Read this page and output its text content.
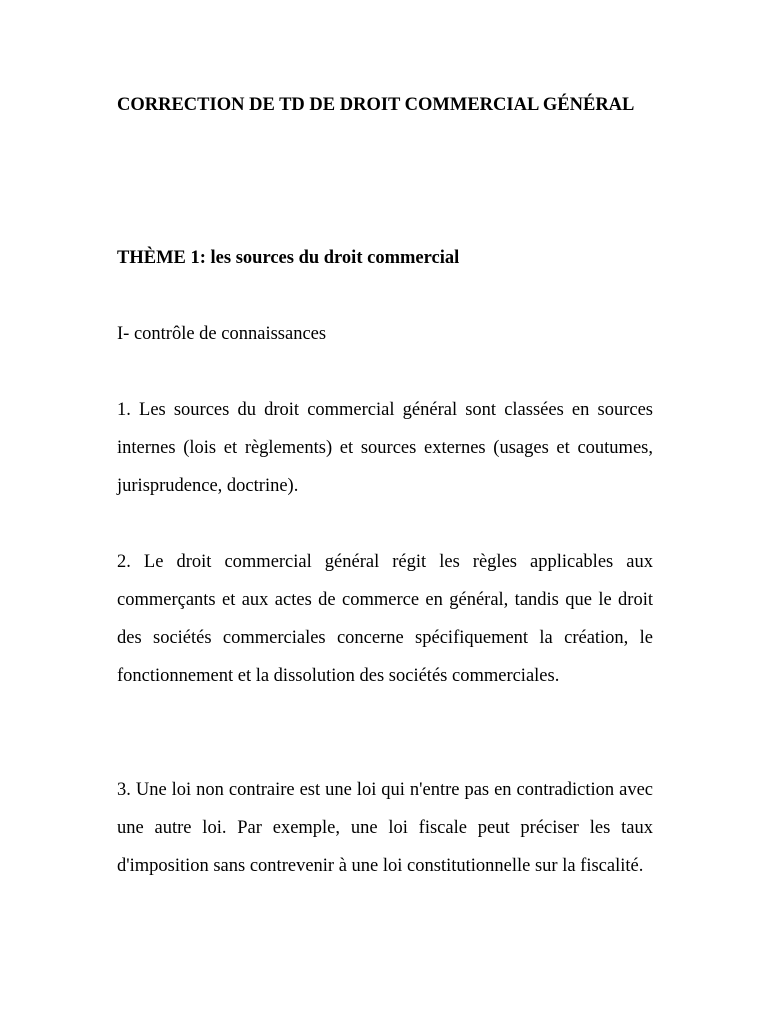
CORRECTION DE TD DE DROIT COMMERCIAL GÉNÉRAL

THÈME 1: les sources du droit commercial

I- contrôle de connaissances

1. Les sources du droit commercial général sont classées en sources internes (lois et règlements) et sources externes (usages et coutumes, jurisprudence, doctrine).

2. Le droit commercial général régit les règles applicables aux commerçants et aux actes de commerce en général, tandis que le droit des sociétés commerciales concerne spécifiquement la création, le fonctionnement et la dissolution des sociétés commerciales.

3. Une loi non contraire est une loi qui n'entre pas en contradiction avec une autre loi. Par exemple, une loi fiscale peut préciser les taux d'imposition sans contrevenir à une loi constitutionnelle sur la fiscalité.
